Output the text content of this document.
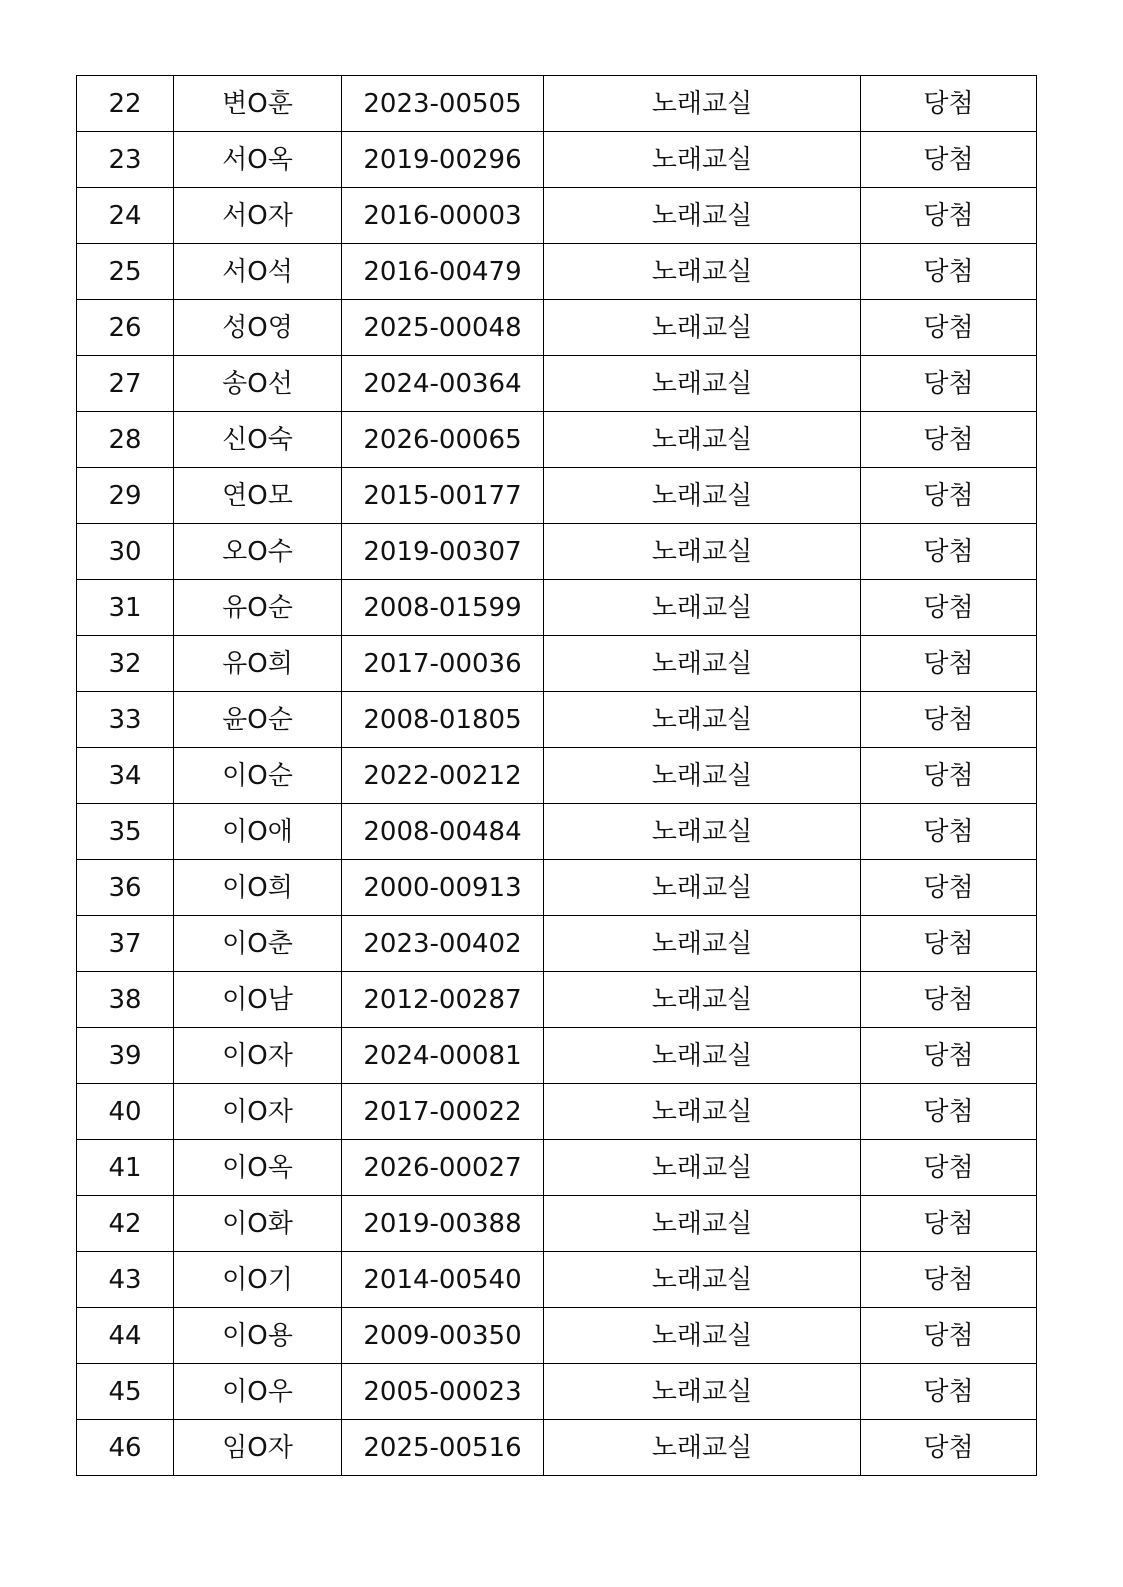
22	변O훈	2023-00505	노래교실	당첨
23	서O옥	2019-00296	노래교실	당첨
24	서O자	2016-00003	노래교실	당첨
25	서O석	2016-00479	노래교실	당첨
26	성O영	2025-00048	노래교실	당첨
27	송O선	2024-00364	노래교실	당첨
28	신O숙	2026-00065	노래교실	당첨
29	연O모	2015-00177	노래교실	당첨
30	오O수	2019-00307	노래교실	당첨
31	유O순	2008-01599	노래교실	당첨
32	유O희	2017-00036	노래교실	당첨
33	윤O순	2008-01805	노래교실	당첨
34	이O순	2022-00212	노래교실	당첨
35	이O애	2008-00484	노래교실	당첨
36	이O희	2000-00913	노래교실	당첨
37	이O춘	2023-00402	노래교실	당첨
38	이O남	2012-00287	노래교실	당첨
39	이O자	2024-00081	노래교실	당첨
40	이O자	2017-00022	노래교실	당첨
41	이O옥	2026-00027	노래교실	당첨
42	이O화	2019-00388	노래교실	당첨
43	이O기	2014-00540	노래교실	당첨
44	이O용	2009-00350	노래교실	당첨
45	이O우	2005-00023	노래교실	당첨
46	임O자	2025-00516	노래교실	당첨
